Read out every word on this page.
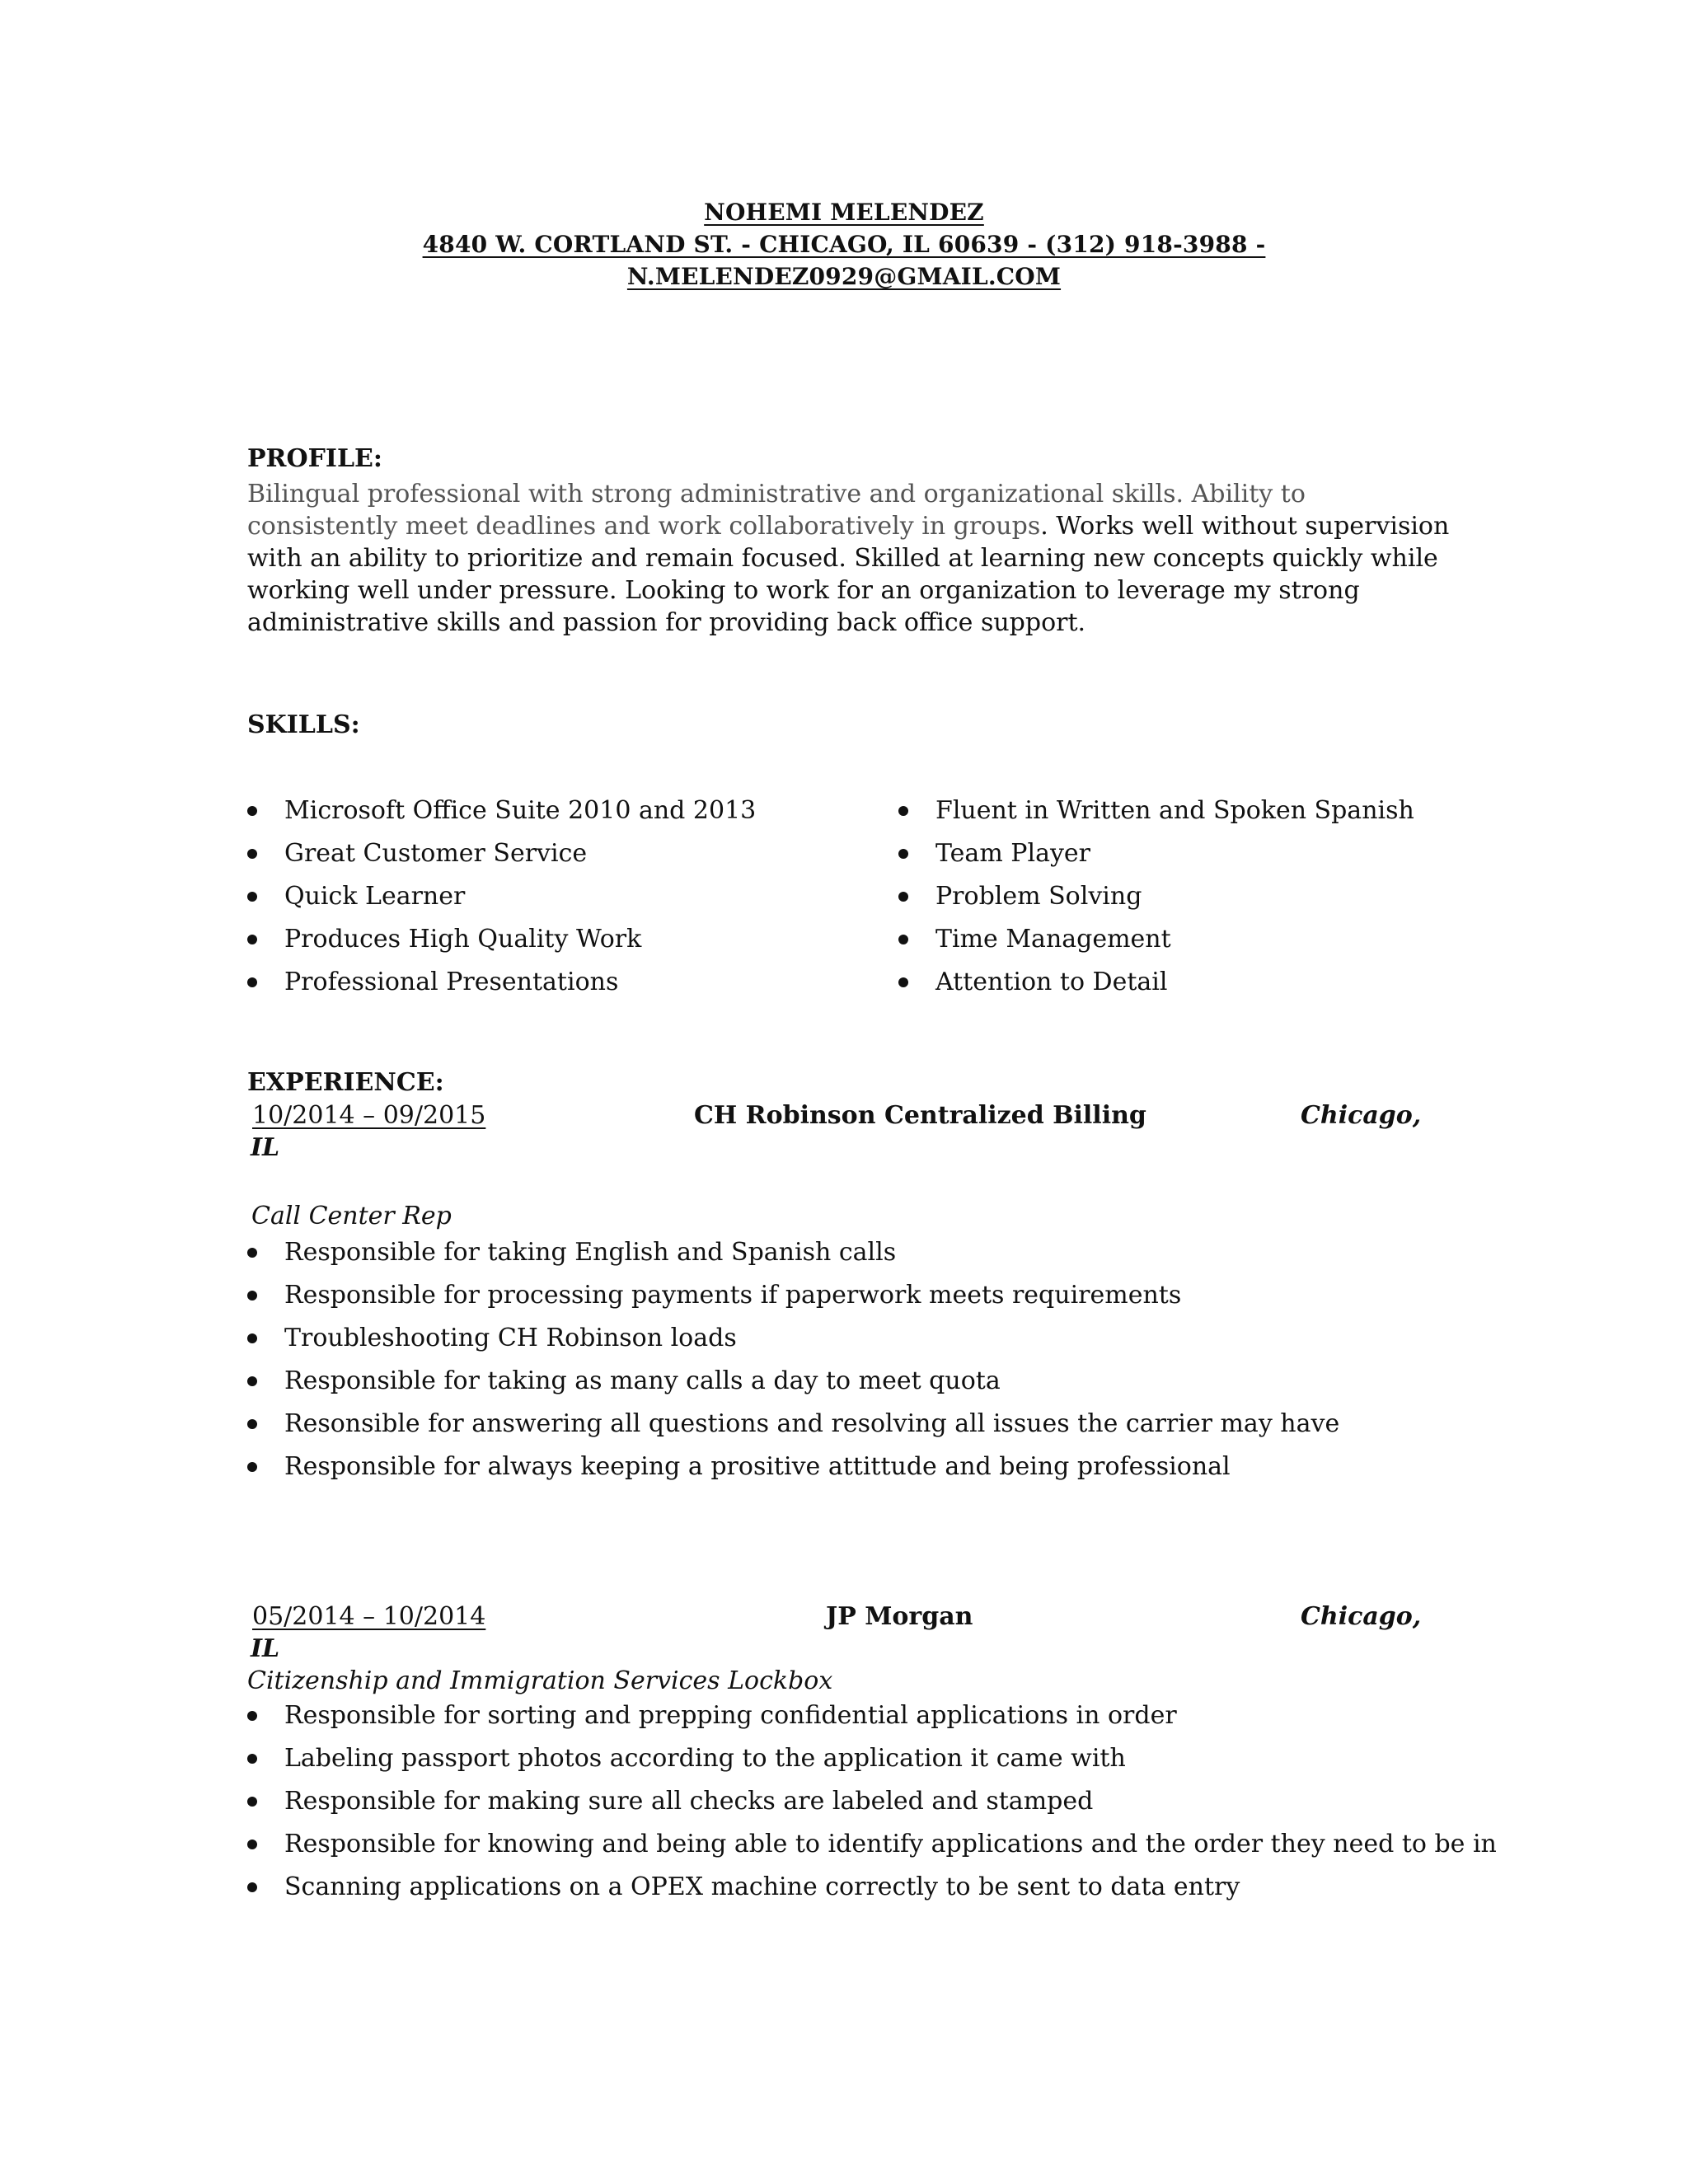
NOHEMI MELENDEZ
4840 W. CORTLAND ST. - CHICAGO, IL 60639 - (312) 918-3988 -
N.MELENDEZ0929@GMAIL.COM
PROFILE:
Bilingual professional with strong administrative and organizational skills. Ability to consistently meet deadlines and work collaboratively in groups. Works well without supervision with an ability to prioritize and remain focused. Skilled at learning new concepts quickly while working well under pressure. Looking to work for an organization to leverage my strong administrative skills and passion for providing back office support.
SKILLS:
Microsoft Office Suite 2010 and 2013
Great Customer Service
Quick Learner
Produces High Quality Work
Professional Presentations
Fluent in Written and Spoken Spanish
Team Player
Problem Solving
Time Management
Attention to Detail
EXPERIENCE:
10/2014 – 09/2015	CH Robinson Centralized Billing	Chicago,
IL
Call Center Rep
Responsible for taking English and Spanish calls
Responsible for processing payments if paperwork meets requirements
Troubleshooting CH Robinson loads
Responsible for taking as many calls a day to meet quota
Resonsible for answering all questions and resolving all issues the carrier may have
Responsible for always keeping a prositive attittude and being professional
05/2014 – 10/2014	JP Morgan	Chicago,
IL
Citizenship and Immigration Services Lockbox
Responsible for sorting and prepping confidential applications in order
Labeling passport photos according to the application it came with
Responsible for making sure all checks are labeled and stamped
Responsible for knowing and being able to identify applications and the order they need to be in
Scanning applications on a OPEX machine correctly to be sent to data entry
